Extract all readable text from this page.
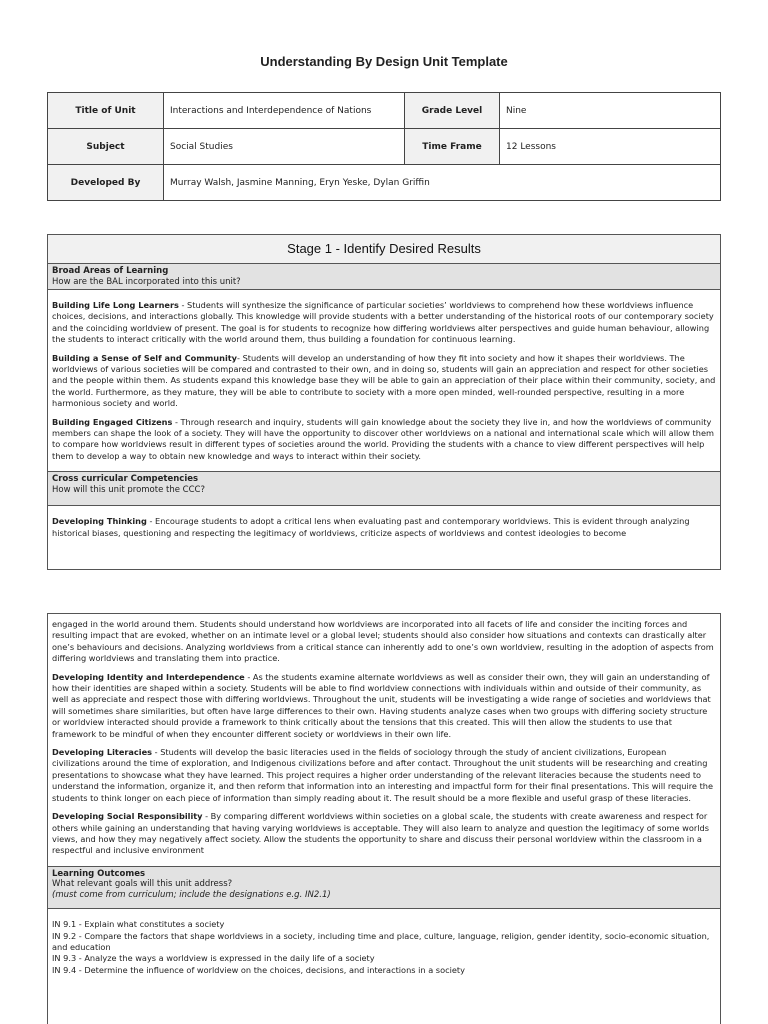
Understanding By Design Unit Template
Title of Unit	Interactions and Interdependence of Nations	Grade Level	Nine
Subject	Social Studies	Time Frame	12 Lessons
Developed By	Murray Walsh, Jasmine Manning, Eryn Yeske, Dylan Griffin		
Stage 1 - Identify Desired Results
Broad Areas of Learning
How are the BAL incorporated into this unit?

Building Life Long Learners - Students will synthesize the significance of particular societies’ worldviews to comprehend how these worldviews influence choices, decisions, and interactions globally. This knowledge will provide students with a better understanding of the historical roots of our contemporary society and the coinciding worldview of present. The goal is for students to recognize how differing worldviews alter perspectives and guide human behaviour, allowing the students to interact critically with the world around them, thus building a foundation for continuous learning.

Building a Sense of Self and Community- Students will develop an understanding of how they fit into society and how it shapes their worldviews. The worldviews of various societies will be compared and contrasted to their own, and in doing so, students will gain an appreciation and respect for other societies and the people within them. As students expand this knowledge base they will be able to gain an appreciation of their place within their community, society, and the world. Furthermore, as they mature, they will be able to contribute to society with a more open minded, well-rounded perspective, resulting in a more harmonious society and world.

Building Engaged Citizens - Through research and inquiry, students will gain knowledge about the society they live in, and how the worldviews of community members can shape the look of a society. They will have the opportunity to discover other worldviews on a national and international scale which will allow them to compare how worldviews result in different types of societies around the world. Providing the students with a chance to view different perspectives will help them to develop a way to obtain new knowledge and ways to interact within their society.

Cross curricular Competencies
How will this unit promote the CCC?

Developing Thinking - Encourage students to adopt a critical lens when evaluating past and contemporary worldviews. This is evident through analyzing historical biases, questioning and respecting the legitimacy of worldviews, criticize aspects of worldviews and contest ideologies to become

engaged in the world around them. Students should understand how worldviews are incorporated into all facets of life and consider the inciting forces and resulting impact that are evoked, whether on an intimate level or a global level; students should also consider how situations and contexts can drastically alter one’s behaviours and decisions. Analyzing worldviews from a critical stance can inherently add to one’s own worldview, resulting in the adoption of aspects from differing worldviews and translating them into practice.

Developing Identity and Interdependence - As the students examine alternate worldviews as well as consider their own, they will gain an understanding of how their identities are shaped within a society. Students will be able to find worldview connections with individuals within and outside of their community, as well as appreciate and respect those with differing worldviews. Throughout the unit, students will be investigating a wide range of societies and worldviews that will sometimes share similarities, but often have large differences to their own. Having students analyze cases when two groups with differing society structure or worldview interacted should provide a framework to think critically about the tensions that this created. This will then allow the students to use that framework to be mindful of when they encounter different society or worldviews in their own life.

Developing Literacies - Students will develop the basic literacies used in the fields of sociology through the study of ancient civilizations, European civilizations around the time of exploration, and Indigenous civilizations before and after contact. Throughout the unit students will be researching and creating presentations to showcase what they have learned. This project requires a higher order understanding of the relevant literacies because the students need to understand the information, organize it, and then reform that information into an interesting and impactful form for their final presentations. This will require the students to think longer on each piece of information than simply reading about it. The result should be a more flexible and useful grasp of these literacies.

Developing Social Responsibility - By comparing different worldviews within societies on a global scale, the students with create awareness and respect for others while gaining an understanding that having varying worldviews is acceptable. They will also learn to analyze and question the legitimacy of some worlds views, and how they may negatively affect society. Allow the students the opportunity to share and discuss their personal worldview within the classroom in a respectful and inclusive environment

Learning Outcomes
What relevant goals will this unit address?
(must come from curriculum; include the designations e.g. IN2.1)

IN 9.1 - Explain what constitutes a society

IN 9.2 - Compare the factors that shape worldviews in a society, including time and place, culture, language, religion, gender identity, socio-economic situation, and education

IN 9.3 - Analyze the ways a worldview is expressed in the daily life of a society

IN 9.4 - Determine the influence of worldview on the choices, decisions, and interactions in a society
